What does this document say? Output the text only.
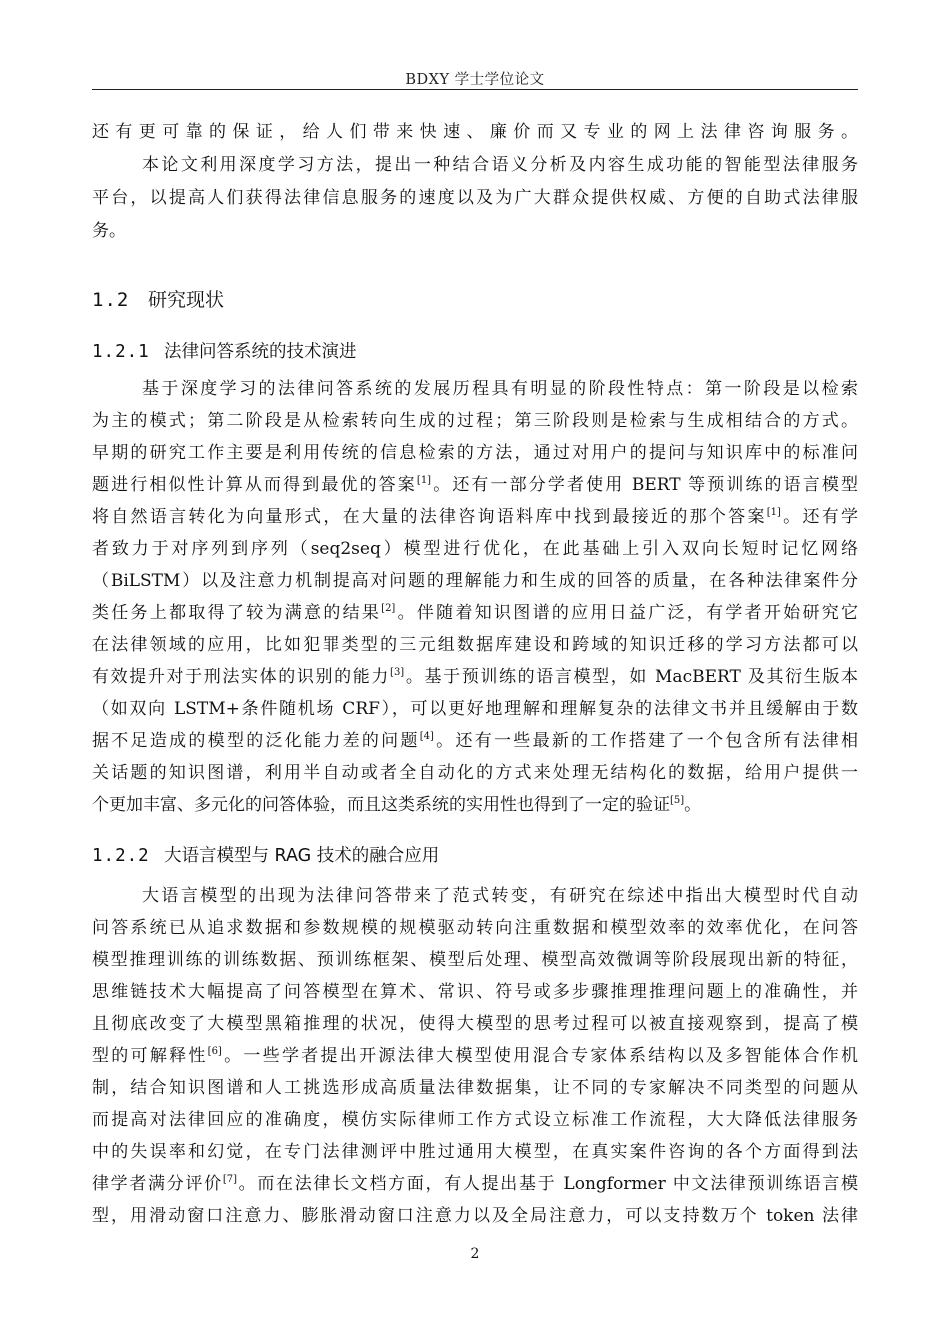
BDXY 学士学位论文
还有更可靠的保证，给人们带来快速、廉价而又专业的网上法律咨询服务。
本论文利用深度学习方法，提出一种结合语义分析及内容生成功能的智能型法律服务
平台，以提高人们获得法律信息服务的速度以及为广大群众提供权威、方便的自助式法律服
务。
1.2 研究现状
1.2.1 法律问答系统的技术演进
基于深度学习的法律问答系统的发展历程具有明显的阶段性特点：第一阶段是以检索
为主的模式；第二阶段是从检索转向生成的过程；第三阶段则是检索与生成相结合的方式。
早期的研究工作主要是利用传统的信息检索的方法，通过对用户的提问与知识库中的标准问
题进行相似性计算从而得到最优的答案[1]。还有一部分学者使用 BERT 等预训练的语言模型
将自然语言转化为向量形式，在大量的法律咨询语料库中找到最接近的那个答案[1]。还有学
者致力于对序列到序列（seq2seq）模型进行优化，在此基础上引入双向长短时记忆网络
（BiLSTM）以及注意力机制提高对问题的理解能力和生成的回答的质量，在各种法律案件分
类任务上都取得了较为满意的结果[2]。伴随着知识图谱的应用日益广泛，有学者开始研究它
在法律领域的应用，比如犯罪类型的三元组数据库建设和跨域的知识迁移的学习方法都可以
有效提升对于刑法实体的识别的能力[3]。基于预训练的语言模型，如 MacBERT 及其衍生版本
（如双向 LSTM+条件随机场 CRF），可以更好地理解和理解复杂的法律文书并且缓解由于数
据不足造成的模型的泛化能力差的问题[4]。还有一些最新的工作搭建了一个包含所有法律相
关话题的知识图谱，利用半自动或者全自动化的方式来处理无结构化的数据，给用户提供一
个更加丰富、多元化的问答体验，而且这类系统的实用性也得到了一定的验证[5]。
1.2.2 大语言模型与 RAG 技术的融合应用
大语言模型的出现为法律问答带来了范式转变，有研究在综述中指出大模型时代自动
问答系统已从追求数据和参数规模的规模驱动转向注重数据和模型效率的效率优化，在问答
模型推理训练的训练数据、预训练框架、模型后处理、模型高效微调等阶段展现出新的特征，
思维链技术大幅提高了问答模型在算术、常识、符号或多步骤推理推理问题上的准确性，并
且彻底改变了大模型黑箱推理的状况，使得大模型的思考过程可以被直接观察到，提高了模
型的可解释性[6]。一些学者提出开源法律大模型使用混合专家体系结构以及多智能体合作机
制，结合知识图谱和人工挑选形成高质量法律数据集，让不同的专家解决不同类型的问题从
而提高对法律回应的准确度，模仿实际律师工作方式设立标准工作流程，大大降低法律服务
中的失误率和幻觉，在专门法律测评中胜过通用大模型，在真实案件咨询的各个方面得到法
律学者满分评价[7]。而在法律长文档方面，有人提出基于 Longformer 中文法律预训练语言模
型，用滑动窗口注意力、膨胀滑动窗口注意力以及全局注意力，可以支持数万个 token 法律
2
